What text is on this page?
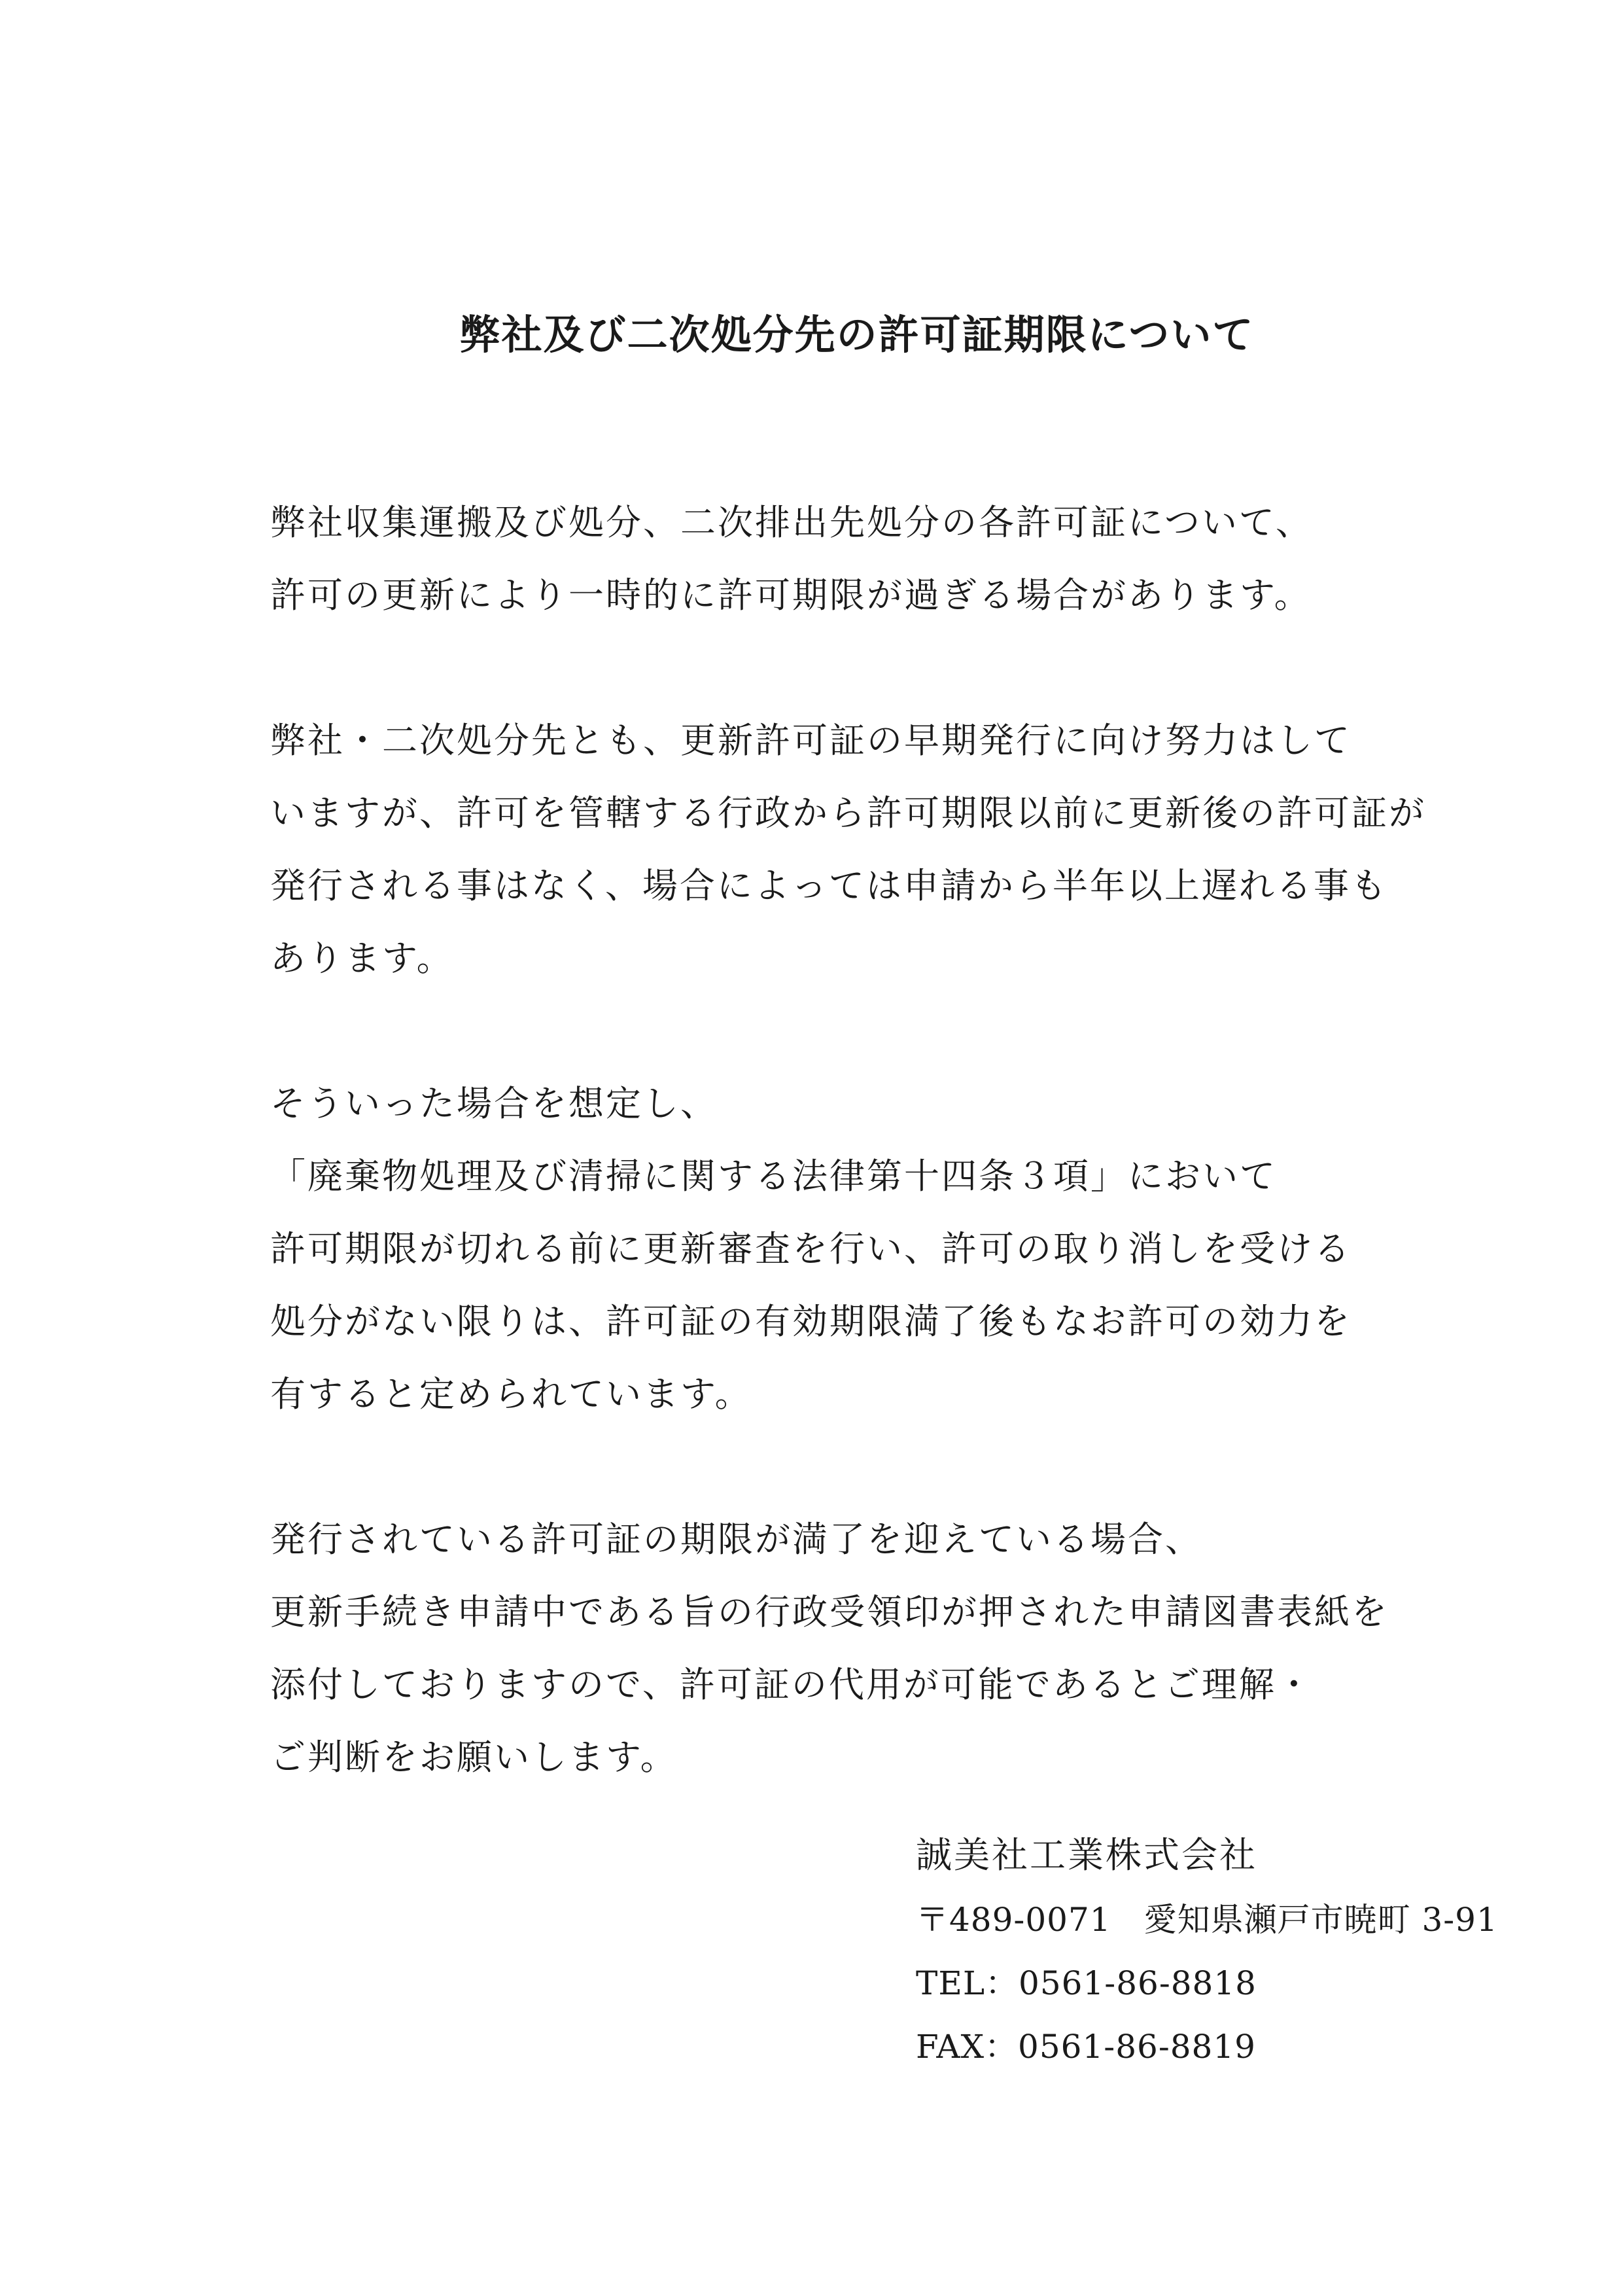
弊社及び二次処分先の許可証期限について

弊社収集運搬及び処分、二次排出先処分の各許可証について、
許可の更新により一時的に許可期限が過ぎる場合があります。

弊社・二次処分先とも、更新許可証の早期発行に向け努力はして
いますが、許可を管轄する行政から許可期限以前に更新後の許可証が
発行される事はなく、場合によっては申請から半年以上遅れる事も
あります。

そういった場合を想定し、
「廃棄物処理及び清掃に関する法律第十四条３項」において
許可期限が切れる前に更新審査を行い、許可の取り消しを受ける
処分がない限りは、許可証の有効期限満了後もなお許可の効力を
有すると定められています。

発行されている許可証の期限が満了を迎えている場合、
更新手続き申請中である旨の行政受領印が押された申請図書表紙を
添付しておりますので、許可証の代用が可能であるとご理解・
ご判断をお願いします。

誠美社工業株式会社
〒489-0071 愛知県瀬戸市暁町 3-91
TEL：0561-86-8818
FAX：0561-86-8819
